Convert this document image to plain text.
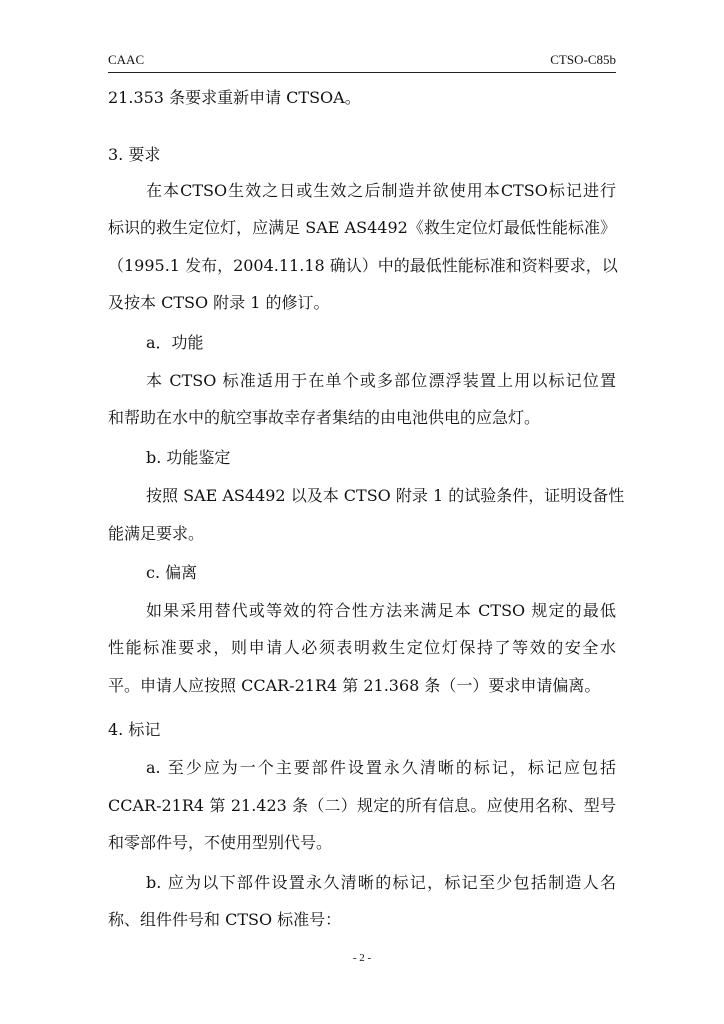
CAAC	CTSO-C85b
21.353 条要求重新申请 CTSOA。
3. 要求
在本CTSO生效之日或生效之后制造并欲使用本CTSO标记进行
标识的救生定位灯，应满足 SAE AS4492《救生定位灯最低性能标准》
（1995.1 发布，2004.11.18 确认）中的最低性能标准和资料要求，以
及按本 CTSO 附录 1 的修订。
a．功能
本 CTSO 标准适用于在单个或多部位漂浮装置上用以标记位置
和帮助在水中的航空事故幸存者集结的由电池供电的应急灯。
b. 功能鉴定
按照 SAE AS4492 以及本 CTSO 附录 1 的试验条件，证明设备性
能满足要求。
c. 偏离
如果采用替代或等效的符合性方法来满足本 CTSO 规定的最低
性能标准要求，则申请人必须表明救生定位灯保持了等效的安全水
平。申请人应按照 CCAR-21R4 第 21.368 条（一）要求申请偏离。
4. 标记
a. 至少应为一个主要部件设置永久清晰的标记，标记应包括
CCAR-21R4 第 21.423 条（二）规定的所有信息。应使用名称、型号
和零部件号，不使用型别代号。
b. 应为以下部件设置永久清晰的标记，标记至少包括制造人名
称、组件件号和 CTSO 标准号：
- 2 -
